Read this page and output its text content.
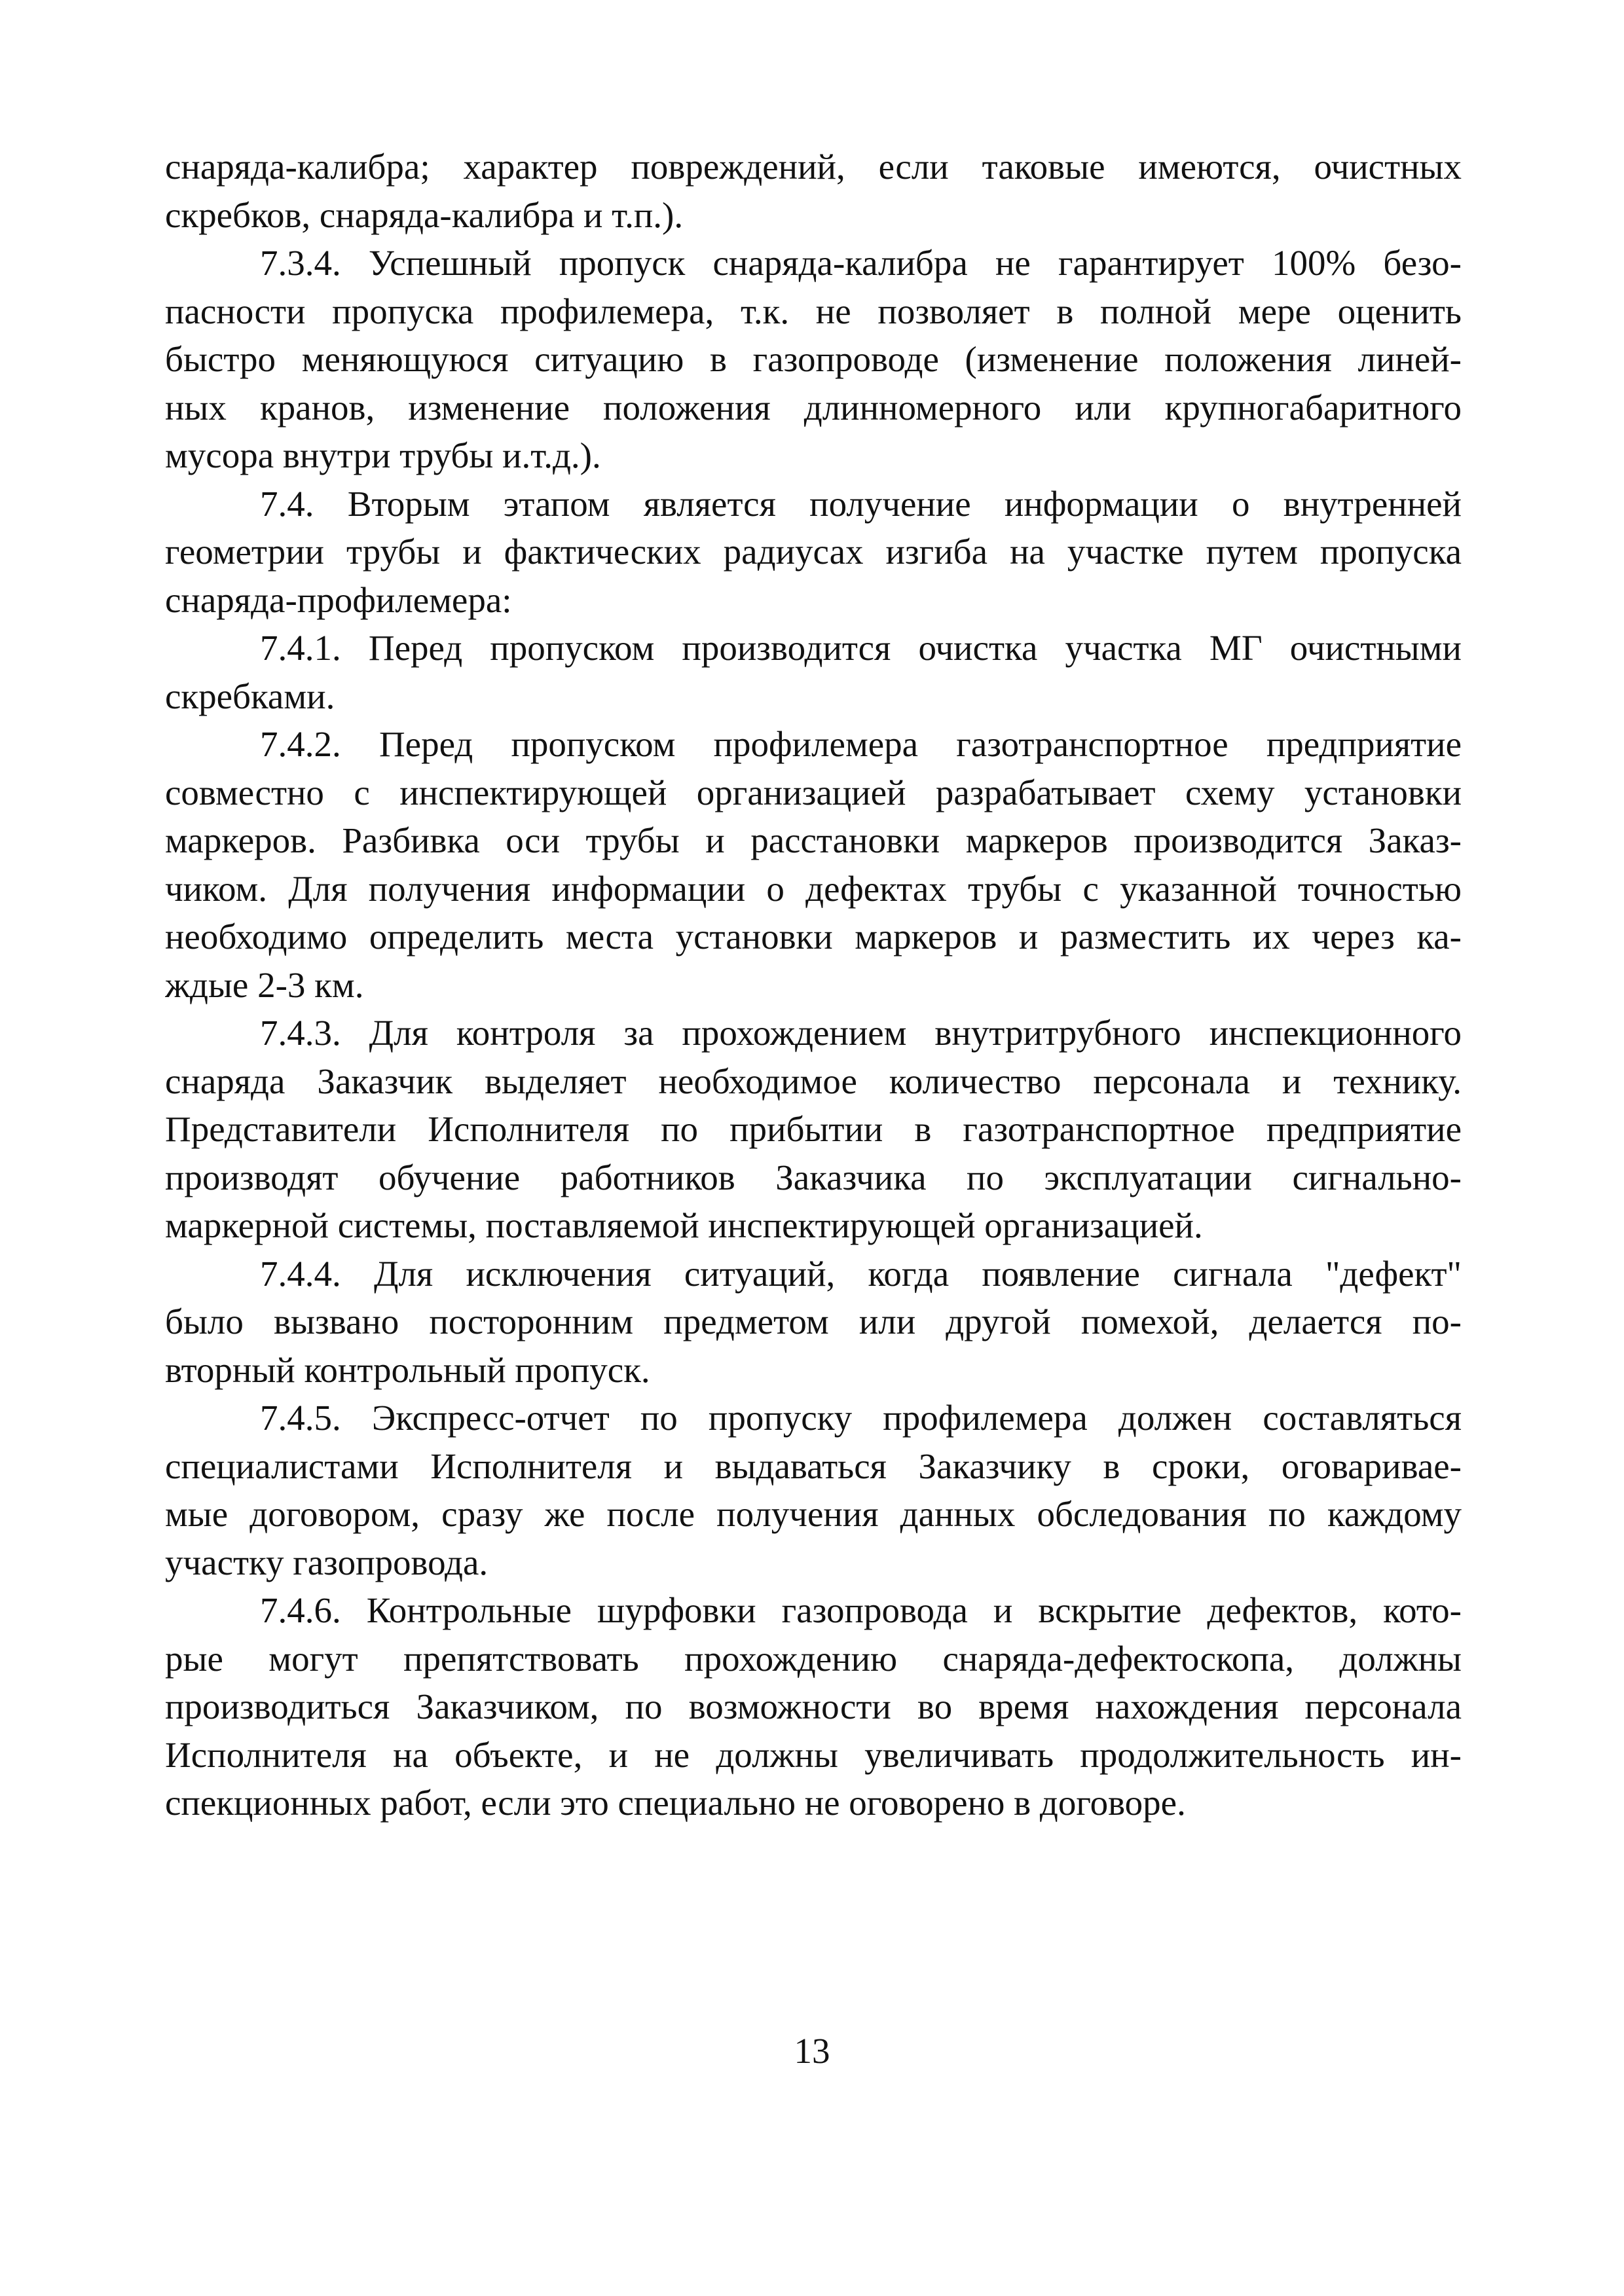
снаряда-калибра; характер повреждений, если таковые имеются, очистных
скребков, снаряда-калибра и т.п.).
7.3.4. Успешный пропуск снаряда-калибра не гарантирует 100% безо-
пасности пропуска профилемера, т.к. не позволяет в полной мере оценить
быстро меняющуюся ситуацию в газопроводе (изменение положения линей-
ных кранов, изменение положения длинномерного или крупногабаритного
мусора внутри трубы и.т.д.).
7.4. Вторым этапом является получение информации о внутренней
геометрии трубы и фактических радиусах изгиба на участке путем пропуска
снаряда-профилемера:
7.4.1. Перед пропуском производится очистка участка МГ очистными
скребками.
7.4.2. Перед пропуском профилемера газотранспортное предприятие
совместно с инспектирующей организацией разрабатывает схему установки
маркеров. Разбивка оси трубы и расстановки маркеров производится Заказ-
чиком. Для получения информации о дефектах трубы с указанной точностью
необходимо определить места установки маркеров и разместить их через ка-
ждые 2-3 км.
7.4.3. Для контроля за прохождением внутритрубного инспекционного
снаряда Заказчик выделяет необходимое количество персонала и технику.
Представители Исполнителя по прибытии в газотранспортное предприятие
производят обучение работников Заказчика по эксплуатации сигнально-
маркерной системы, поставляемой инспектирующей организацией.
7.4.4. Для исключения ситуаций, когда появление сигнала "дефект"
было вызвано посторонним предметом или другой помехой, делается по-
вторный контрольный пропуск.
7.4.5. Экспресс-отчет по пропуску профилемера должен составляться
специалистами Исполнителя и выдаваться Заказчику в сроки, оговаривае-
мые договором, сразу же после получения данных обследования по каждому
участку газопровода.
7.4.6. Контрольные шурфовки газопровода и вскрытие дефектов, кото-
рые могут препятствовать прохождению снаряда-дефектоскопа, должны
производиться Заказчиком, по возможности во время нахождения персонала
Исполнителя на объекте, и не должны увеличивать продолжительность ин-
спекционных работ, если это специально не оговорено в договоре.
13
